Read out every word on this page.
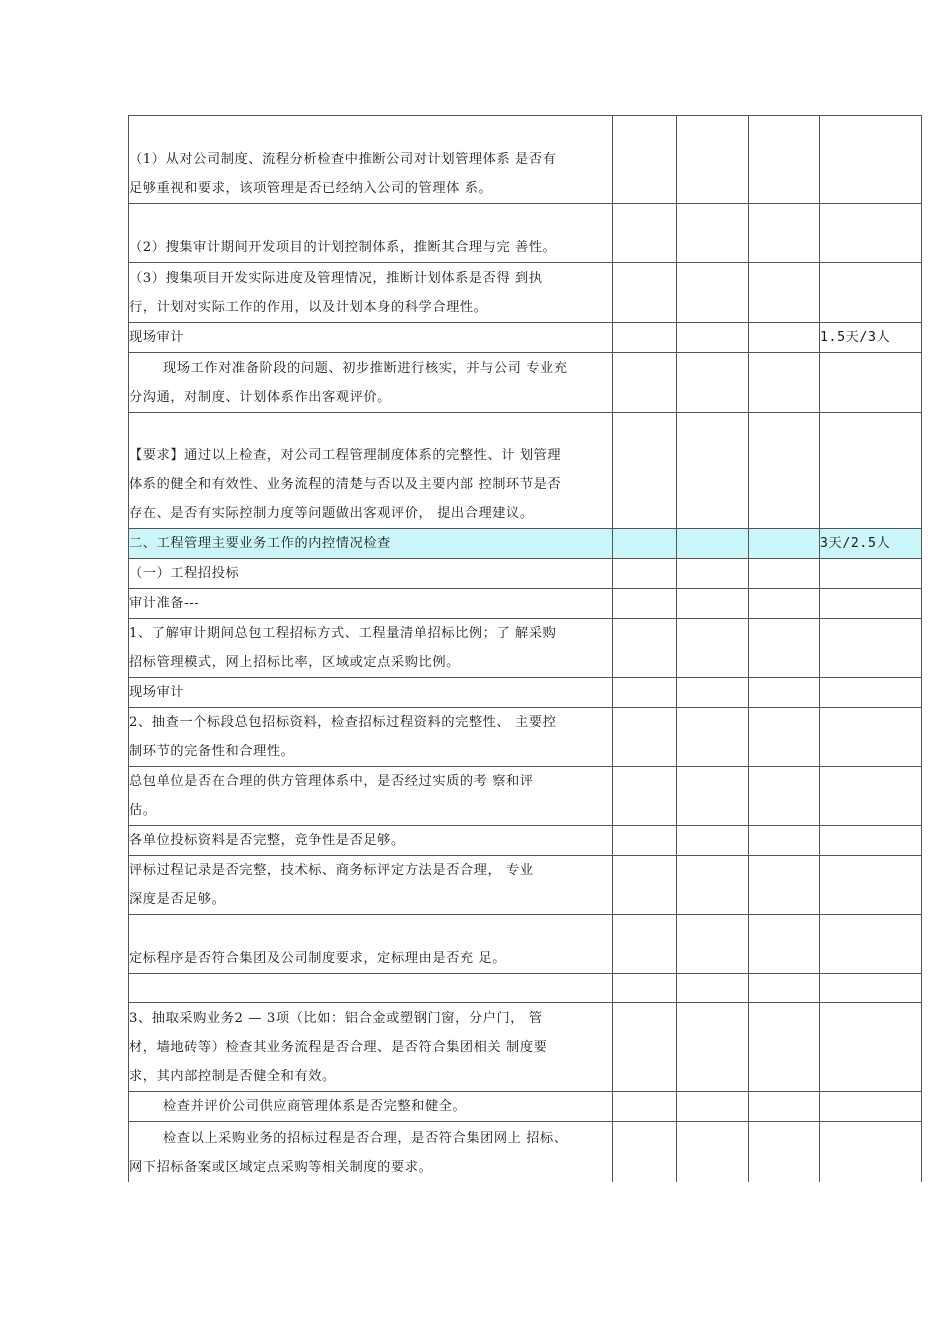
（1）从对公司制度、流程分析检查中推断公司对计划管理体系 是否有
足够重视和要求，该项管理是否已经纳入公司的管理体 系。				

（2）搜集审计期间开发项目的计划控制体系，推断其合理与完 善性。				

（3）搜集项目开发实际进度及管理情况，推断计划体系是否得 到执
行，计划对实际工作的作用，以及计划本身的科学合理性。				

现场审计				1.5天/3人

现场工作对准备阶段的问题、初步推断进行核实，并与公司 专业充
分沟通，对制度、计划体系作出客观评价。				

【要求】通过以上检查，对公司工程管理制度体系的完整性、计 划管理
体系的健全和有效性、业务流程的清楚与否以及主要内部 控制环节是否
存在、是否有实际控制力度等问题做出客观评价， 提出合理建议。				

二、工程管理主要业务工作的内控情况检查				3天/2.5人

（一）工程招投标				

审计准备---				

1、了解审计期间总包工程招标方式、工程量清单招标比例；了 解采购
招标管理模式，网上招标比率，区域或定点采购比例。				

现场审计				

2、抽查一个标段总包招标资料，检查招标过程资料的完整性、 主要控
制环节的完备性和合理性。				

总包单位是否在合理的供方管理体系中，是否经过实质的考 察和评
估。				

各单位投标资料是否完整，竞争性是否足够。				

评标过程记录是否完整，技术标、商务标评定方法是否合理， 专业
深度是否足够。				

定标程序是否符合集团及公司制度要求，定标理由是否充 足。				

3、抽取采购业务2 — 3项（比如：铝合金或塑钢门窗，分户门， 管
材，墙地砖等）检查其业务流程是否合理、是否符合集团相关 制度要
求，其内部控制是否健全和有效。				

检查并评价公司供应商管理体系是否完整和健全。				

检查以上采购业务的招标过程是否合理，是否符合集团网上 招标、
网下招标备案或区域定点采购等相关制度的要求。				
